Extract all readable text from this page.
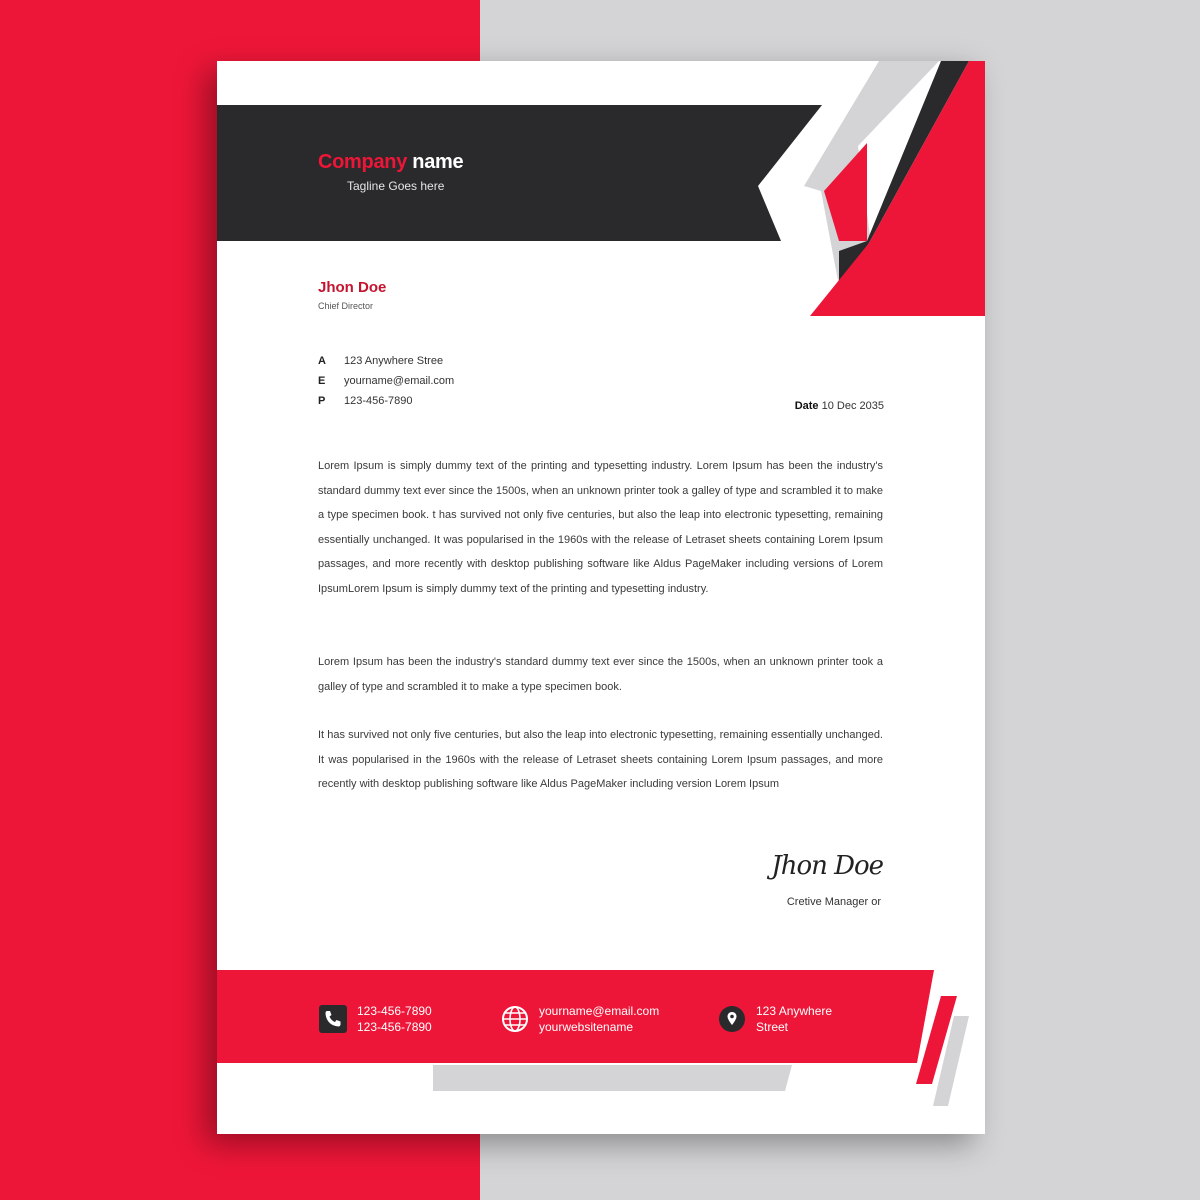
Company name
Tagline Goes here
Jhon Doe
Chief Director
A 123 Anywhere Stree
E yourname@email.com
P 123-456-7890	Date 10 Dec 2035

Lorem Ipsum is simply dummy text of the printing and typesetting industry. Lorem Ipsum has been the industry's standard dummy text ever since the 1500s, when an unknown printer took a galley of type and scrambled it to make a type specimen book. t has survived not only five centuries, but also the leap into electronic typesetting, remaining essentially unchanged. It was popularised in the 1960s with the release of Letraset sheets containing Lorem Ipsum passages, and more recently with desktop publishing software like Aldus PageMaker including versions of Lorem IpsumLorem Ipsum is simply dummy text of the printing and typesetting industry.

Lorem Ipsum has been the industry's standard dummy text ever since the 1500s, when an unknown printer took a galley of type and scrambled it to make a type specimen book.

It has survived not only five centuries, but also the leap into electronic typesetting, remaining essentially unchanged. It was popularised in the 1960s with the release of Letraset sheets containing Lorem Ipsum passages, and more recently with desktop publishing software like Aldus PageMaker including version Lorem Ipsum

Jhon Doe
Cretive Manager or
123-456-7890
123-456-7890
yourname@email.com
yourwebsitename
123 Anywhere
Street
